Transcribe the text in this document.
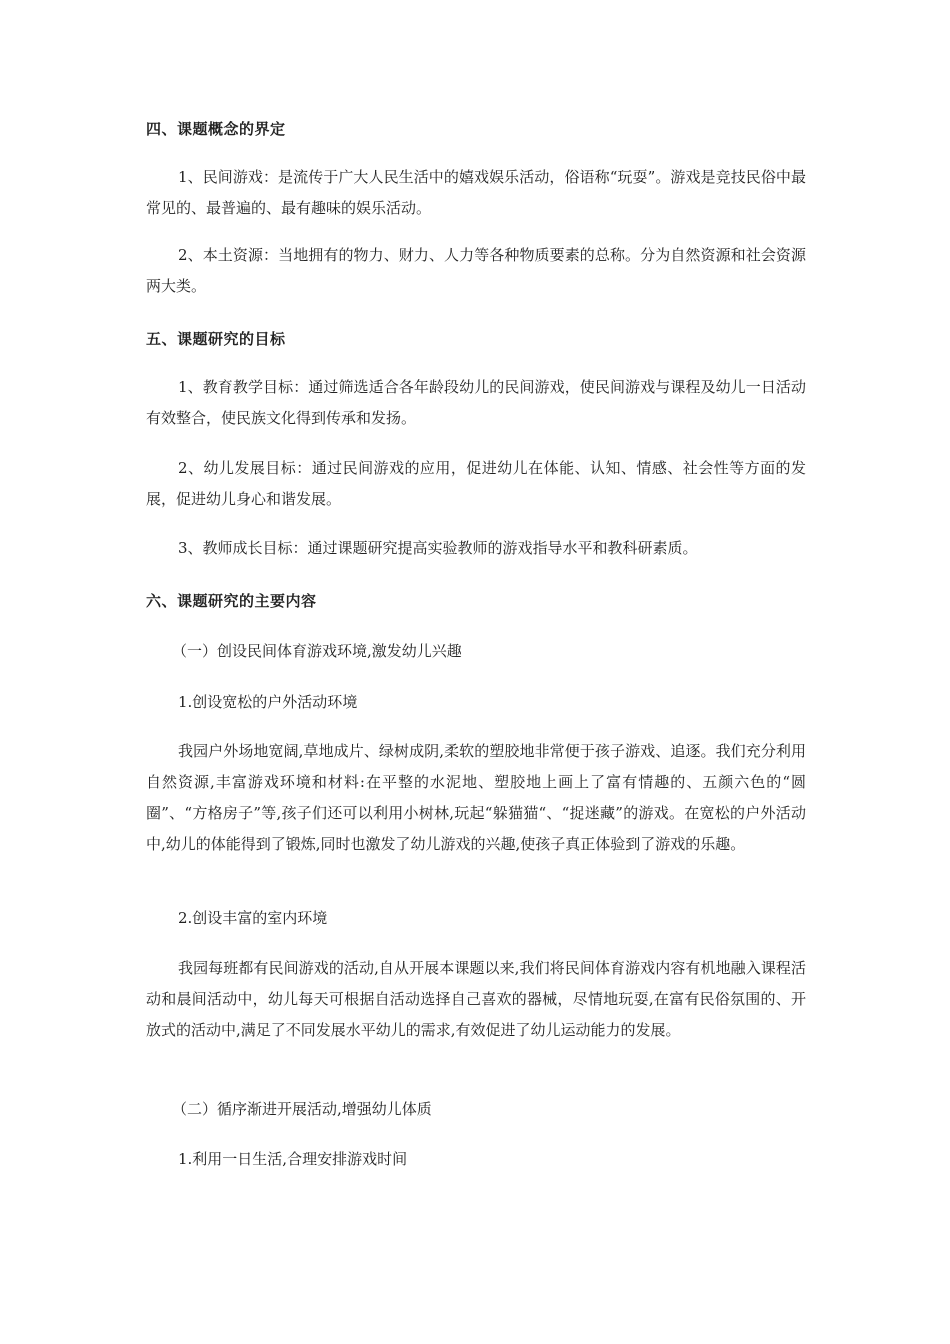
四、课题概念的界定
1、民间游戏：是流传于广大人民生活中的嬉戏娱乐活动，俗语称“玩耍”。游戏是竞技民俗中最常见的、最普遍的、最有趣味的娱乐活动。
2、本土资源：当地拥有的物力、财力、人力等各种物质要素的总称。分为自然资源和社会资源两大类。
五、课题研究的目标
1、教育教学目标：通过筛选适合各年龄段幼儿的民间游戏，使民间游戏与课程及幼儿一日活动有效整合，使民族文化得到传承和发扬。
2、幼儿发展目标：通过民间游戏的应用，促进幼儿在体能、认知、情感、社会性等方面的发展，促进幼儿身心和谐发展。
3、教师成长目标：通过课题研究提高实验教师的游戏指导水平和教科研素质。
六、课题研究的主要内容
（一）创设民间体育游戏环境,激发幼儿兴趣
1.创设宽松的户外活动环境
我园户外场地宽阔,草地成片、绿树成阴,柔软的塑胶地非常便于孩子游戏、追逐。我们充分利用自然资源,丰富游戏环境和材料:在平整的水泥地、塑胶地上画上了富有情趣的、五颜六色的“圆圈”、“方格房子”等,孩子们还可以利用小树林,玩起“躲猫猫“、“捉迷藏”的游戏。在宽松的户外活动中,幼儿的体能得到了锻炼,同时也激发了幼儿游戏的兴趣,使孩子真正体验到了游戏的乐趣。
2.创设丰富的室内环境
我园每班都有民间游戏的活动,自从开展本课题以来,我们将民间体育游戏内容有机地融入课程活动和晨间活动中，幼儿每天可根据自活动选择自己喜欢的器械，尽情地玩耍,在富有民俗氛围的、开放式的活动中,满足了不同发展水平幼儿的需求,有效促进了幼儿运动能力的发展。
（二）循序渐进开展活动,增强幼儿体质
1.利用一日生活,合理安排游戏时间
